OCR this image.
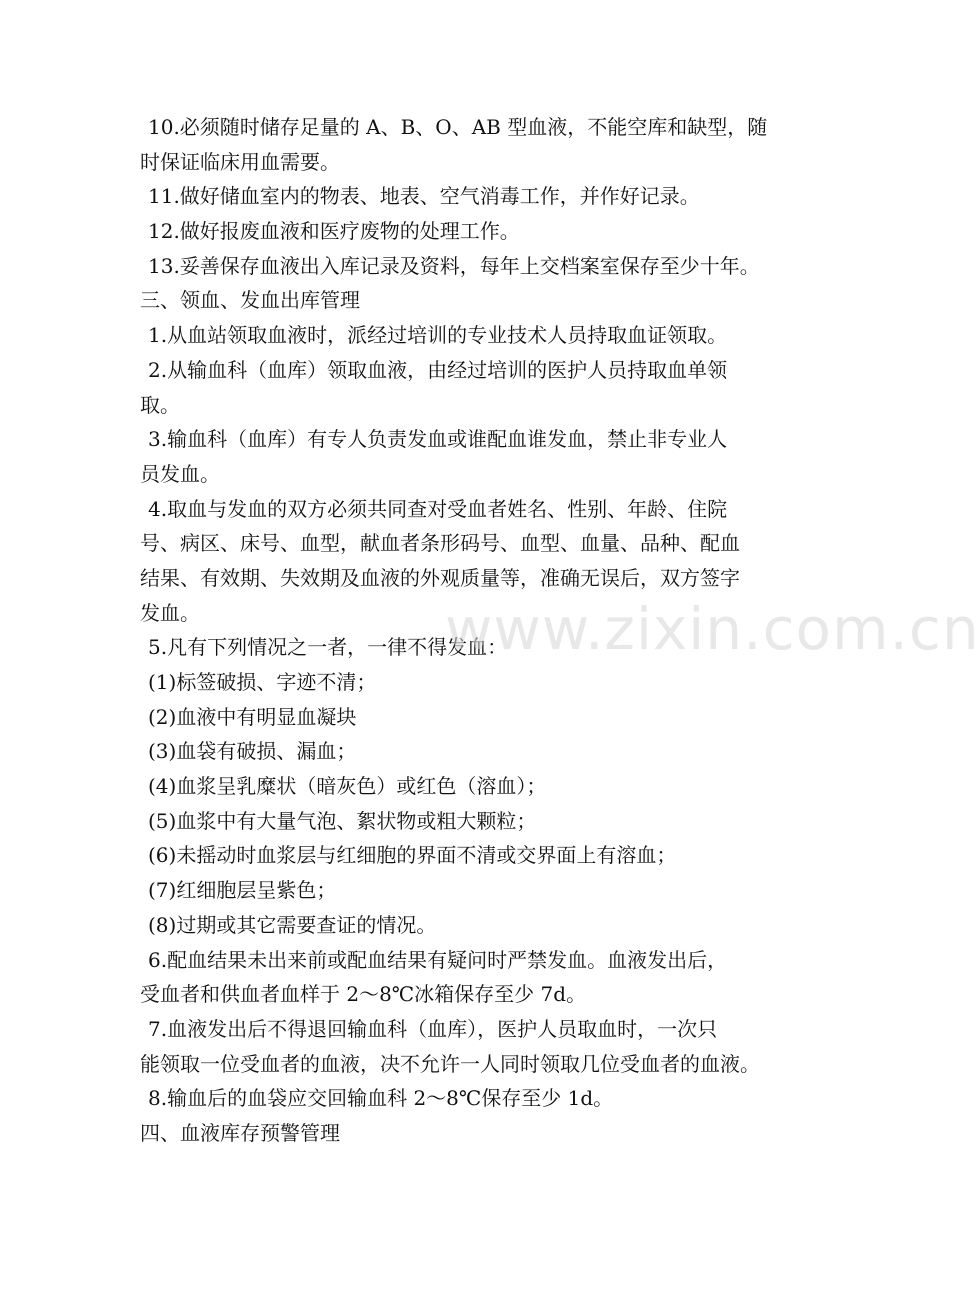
10.必须随时储存足量的 A、B、O、AB 型血液，不能空库和缺型，随
时保证临床用血需要。
11.做好储血室内的物表、地表、空气消毒工作，并作好记录。
12.做好报废血液和医疗废物的处理工作。
13.妥善保存血液出入库记录及资料，每年上交档案室保存至少十年。
三、领血、发血出库管理
1.从血站领取血液时，派经过培训的专业技术人员持取血证领取。
2.从输血科（血库）领取血液，由经过培训的医护人员持取血单领
取。
3.输血科（血库）有专人负责发血或谁配血谁发血，禁止非专业人
员发血。
4.取血与发血的双方必须共同查对受血者姓名、性别、年龄、住院
号、病区、床号、血型，献血者条形码号、血型、血量、品种、配血
结果、有效期、失效期及血液的外观质量等，准确无误后，双方签字
发血。
5.凡有下列情况之一者，一律不得发血：
(1)标签破损、字迹不清；
(2)血液中有明显血凝块
(3)血袋有破损、漏血；
(4)血浆呈乳糜状（暗灰色）或红色（溶血）；
(5)血浆中有大量气泡、絮状物或粗大颗粒；
(6)未摇动时血浆层与红细胞的界面不清或交界面上有溶血；
(7)红细胞层呈紫色；
(8)过期或其它需要查证的情况。
6.配血结果未出来前或配血结果有疑问时严禁发血。血液发出后，
受血者和供血者血样于 2～8℃冰箱保存至少 7d。
7.血液发出后不得退回输血科（血库），医护人员取血时，一次只
能领取一位受血者的血液，决不允许一人同时领取几位受血者的血液。
8.输血后的血袋应交回输血科 2～8℃保存至少 1d。
四、血液库存预警管理
www.zixin.com.cn
